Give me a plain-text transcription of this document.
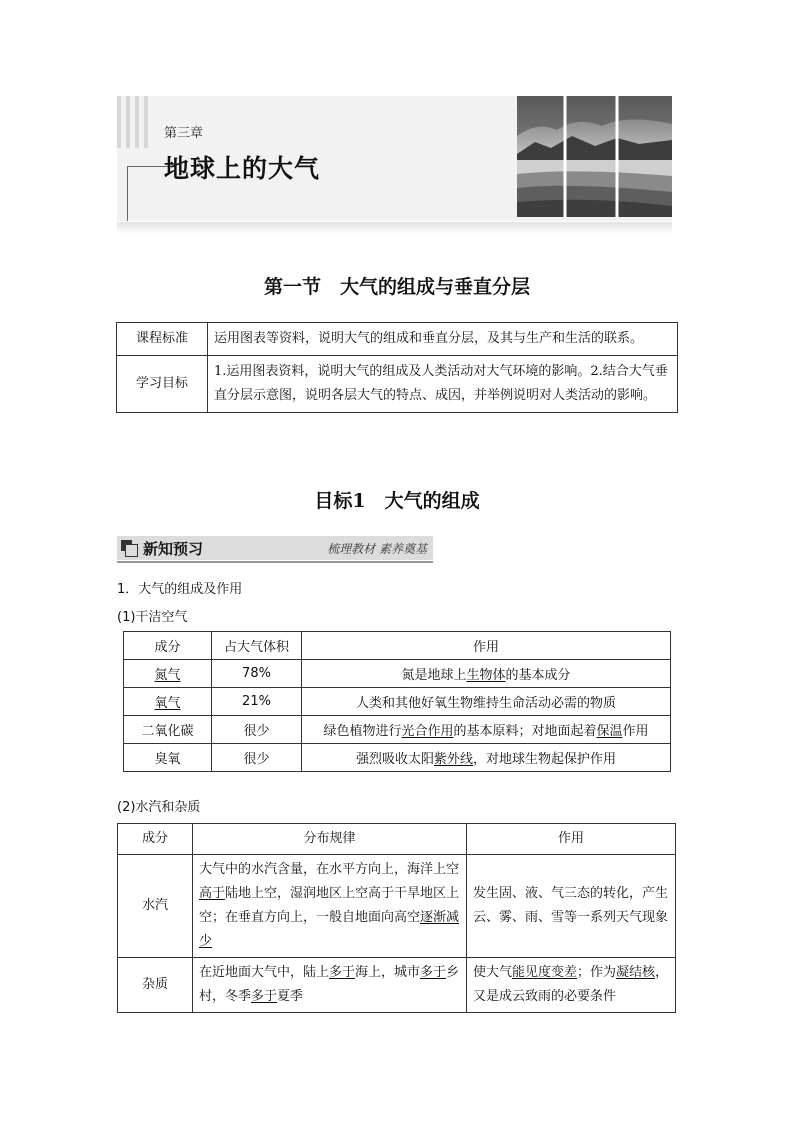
第三章
地球上的大气
第一节　大气的组成与垂直分层
课程标准	运用图表等资料，说明大气的组成和垂直分层，及其与生产和生活的联系。
学习目标	1.运用图表资料，说明大气的组成及人类活动对大气环境的影响。2.结合大气垂直分层示意图，说明各层大气的特点、成因，并举例说明对人类活动的影响。
目标1　大气的组成
新知预习	梳理教材 素养奠基
1．大气的组成及作用
(1)干洁空气
成分	占大气体积	作用
氮气	78%	氮是地球上生物体的基本成分
氧气	21%	人类和其他好氧生物维持生命活动必需的物质
二氧化碳	很少	绿色植物进行光合作用的基本原料；对地面起着保温作用
臭氧	很少	强烈吸收太阳紫外线，对地球生物起保护作用
(2)水汽和杂质
成分	分布规律	作用
水汽	大气中的水汽含量，在水平方向上，海洋上空高于陆地上空，湿润地区上空高于干旱地区上空；在垂直方向上，一般自地面向高空逐渐减少	发生固、液、气三态的转化，产生云、雾、雨、雪等一系列天气现象
杂质	在近地面大气中，陆上多于海上，城市多于乡村，冬季多于夏季	使大气能见度变差；作为凝结核，又是成云致雨的必要条件
